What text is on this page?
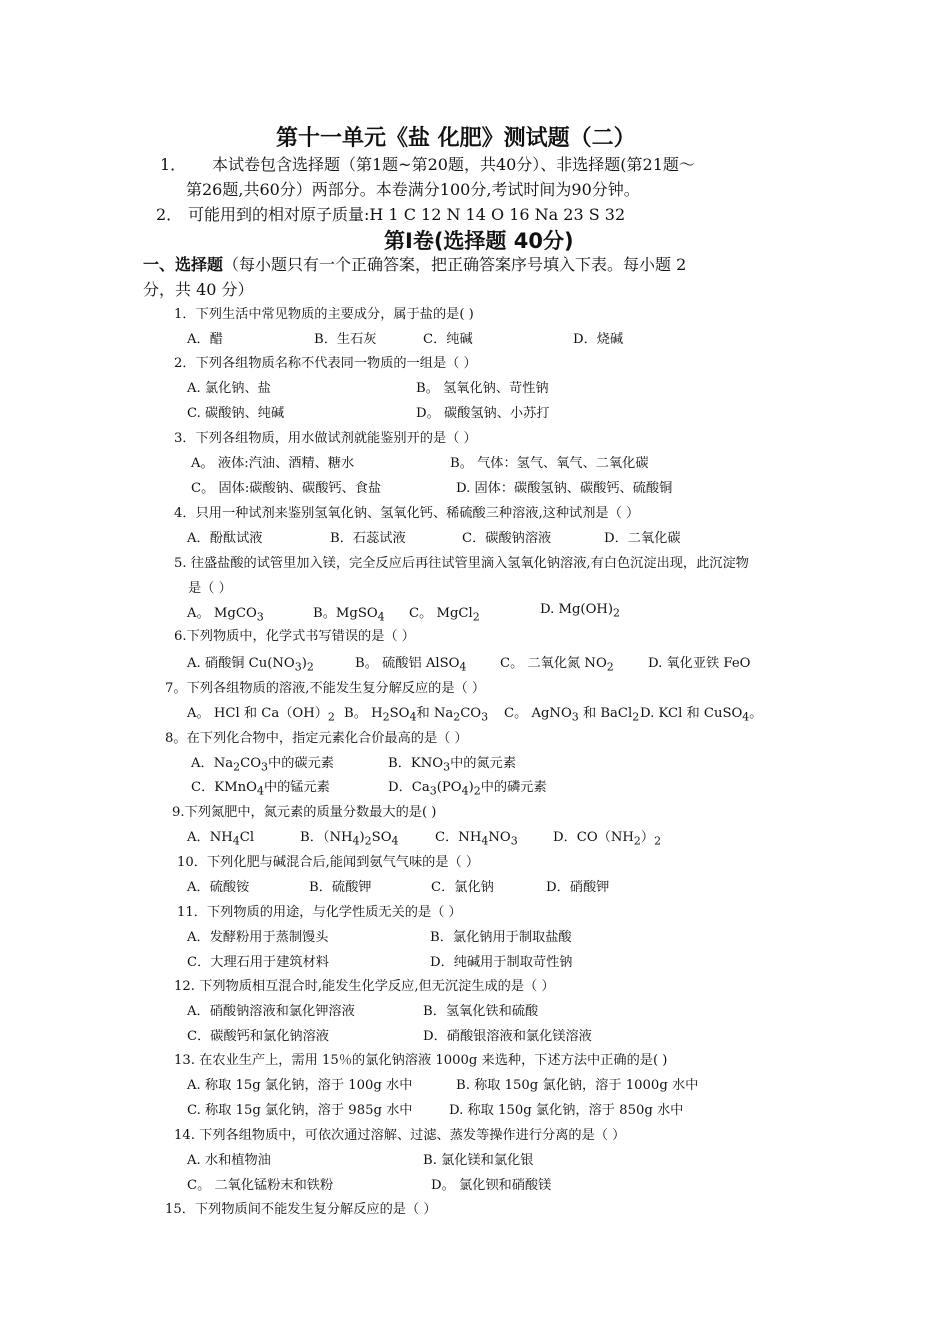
第十一单元《盐 化肥》测试题（二）
1． 本试卷包含选择题（第1题~第20题，共40分）、非选择题(第21题～
第26题,共60分）两部分。本卷满分100分,考试时间为90分钟。
2． 可能用到的相对原子质量:H 1 C 12 N 14 O 16 Na 23 S 32
第Ⅰ卷(选择题 40分)
一、选择题（每小题只有一个正确答案，把正确答案序号填入下表。每小题 2
分，共 40 分）
1．下列生活中常见物质的主要成分，属于盐的是( )
A．醋	B．生石灰	C．纯碱	D．烧碱
2．下列各组物质名称不代表同一物质的一组是（ ）
A. 氯化钠、盐	B。 氢氧化钠、苛性钠
C. 碳酸钠、纯碱	D。 碳酸氢钠、小苏打
3．下列各组物质，用水做试剂就能鉴别开的是（ ）
A。 液体:汽油、酒精、糖水	B。 气体：氢气、氧气、二氧化碳
C。 固体:碳酸钠、碳酸钙、食盐	D. 固体：碳酸氢钠、碳酸钙、硫酸铜
4．只用一种试剂来鉴别氢氧化钠、氢氧化钙、稀硫酸三种溶液,这种试剂是（ ）
A．酚酞试液	B．石蕊试液	C．碳酸钠溶液	D．二氧化碳
5. 往盛盐酸的试管里加入镁，完全反应后再往试管里滴入氢氧化钠溶液,有白色沉淀出现，此沉淀物
是（ ）
A。 MgCO$_3$	B。MgSO$_4$ C。 MgCl$_2$
D. $Mg(OH)_2$
6.下列物质中，化学式书写错误的是（ ）
A. 硝酸铜 $Cu(NO_3)_2$	B。 硫酸铝 AlSO$_4$	C。 二氧化氮 $NO_2$	D. 氧化亚铁 FeO
7。下列各组物质的溶液,不能发生复分解反应的是（ ）
A。 HCl 和 $Ca(OH)_2$ B。 $H_2SO_4$和 $Na_2CO_3$ C。 AgNO$_3$ 和 BaCl$_2$ D. KCl 和 CuSO$_4$。
8。在下列化合物中，指定元素化合价最高的是（ ）
A．$Na_2CO_3$中的碳元素	B．$KNO_3$中的氮元素
C．KMnO$_4$中的锰元素	D．$Ca_3(PO_4)_2$中的磷元素
9.下列氮肥中，氮元素的质量分数最大的是( )
A．$NH_4Cl$	B．$(NH_4)_2SO_4$	C．$NH_4NO_3$	D．$CO(NH_2)_2$
10．下列化肥与碱混合后,能闻到氨气气味的是（ ）
A．硫酸铵	B．硫酸钾	C．氯化钠	D．硝酸钾
11．下列物质的用途，与化学性质无关的是（ ）
A．发酵粉用于蒸制馒头	B．氯化钠用于制取盐酸
C．大理石用于建筑材料	D．纯碱用于制取苛性钠
12. 下列物质相互混合时,能发生化学反应,但无沉淀生成的是（ ）
A．硝酸钠溶液和氯化钾溶液	B．氢氧化铁和硫酸
C．碳酸钙和氯化钠溶液	D．硝酸银溶液和氯化镁溶液
13. 在农业生产上，需用 15％的氯化钠溶液 1000g 来选种，下述方法中正确的是( )
A. 称取 15g 氯化钠，溶于 100g 水中	B. 称取 150g 氯化钠，溶于 1000g 水中
C. 称取 15g 氯化钠，溶于 985g 水中	D. 称取 150g 氯化钠，溶于 850g 水中
14. 下列各组物质中，可依次通过溶解、过滤、蒸发等操作进行分离的是（ ）
A. 水和植物油	B. 氯化镁和氯化银
C。 二氧化锰粉末和铁粉	D。 氯化钡和硝酸镁
15．下列物质间不能发生复分解反应的是（ ）
